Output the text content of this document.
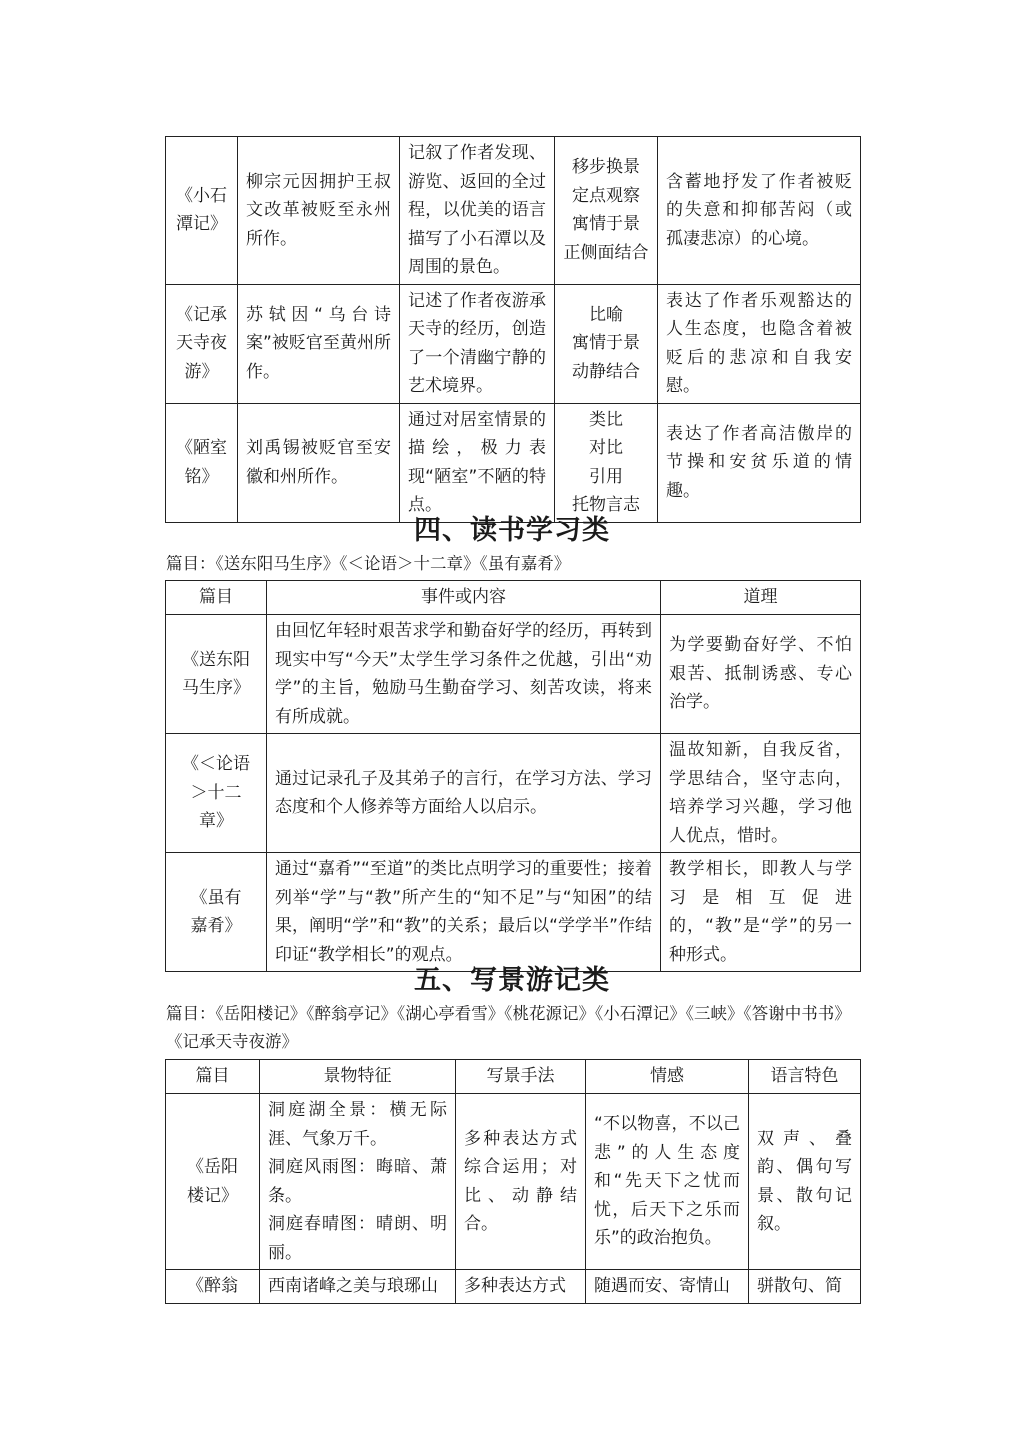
《小石潭记》	柳宗元因拥护王叔文改革被贬至永州所作。	记叙了作者发现、游览、返回的全过程，以优美的语言描写了小石潭以及周围的景色。	移步换景
定点观察
寓情于景
正侧面结合	含蓄地抒发了作者被贬的失意和抑郁苦闷（或孤凄悲凉）的心境。
《记承天寺夜游》	苏轼因“乌台诗案”被贬官至黄州所作。	记述了作者夜游承天寺的经历，创造了一个清幽宁静的艺术境界。	比喻
寓情于景
动静结合	表达了作者乐观豁达的人生态度，也隐含着被贬后的悲凉和自我安慰。
《陋室铭》	刘禹锡被贬官至安徽和州所作。	通过对居室情景的描绘，极力表现“陋室”不陋的特点。	类比
对比
引用
托物言志	表达了作者高洁傲岸的节操和安贫乐道的情趣。
四、读书学习类
篇目：《送东阳马生序》《＜论语＞十二章》《虽有嘉肴》
篇目	事件或内容	道理
《送东阳马生序》	由回忆年轻时艰苦求学和勤奋好学的经历，再转到现实中写“今天”太学生学习条件之优越，引出“劝学”的主旨，勉励马生勤奋学习、刻苦攻读，将来有所成就。	为学要勤奋好学、不怕艰苦、抵制诱惑、专心治学。
《＜论语＞十二章》	通过记录孔子及其弟子的言行，在学习方法、学习态度和个人修养等方面给人以启示。	温故知新，自我反省，学思结合，坚守志向，培养学习兴趣，学习他人优点，惜时。
《虽有嘉肴》	通过“嘉肴”“至道”的类比点明学习的重要性；接着列举“学”与“教”所产生的“知不足”与“知困”的结果，阐明“学”和“教”的关系；最后以“学学半”作结印证“教学相长”的观点。	教学相长，即教人与学习是相互促进的，“教”是“学”的另一种形式。
五、写景游记类
篇目：《岳阳楼记》《醉翁亭记》《湖心亭看雪》《桃花源记》《小石潭记》《三峡》《答谢中书书》《记承天寺夜游》
篇目	景物特征	写景手法	情感	语言特色
《岳阳楼记》	洞庭湖全景：横无际涯、气象万千。
洞庭风雨图：晦暗、萧条。
洞庭春晴图：晴朗、明丽。	多种表达方式综合运用；对比、动静结合。	“不以物喜，不以己悲”的人生态度和“先天下之忧而忧，后天下之乐而乐”的政治抱负。	双声、叠韵、偶句写景、散句记叙。
《醉翁	西南诸峰之美与琅琊山	多种表达方式	随遇而安、寄情山	骈散句、简
